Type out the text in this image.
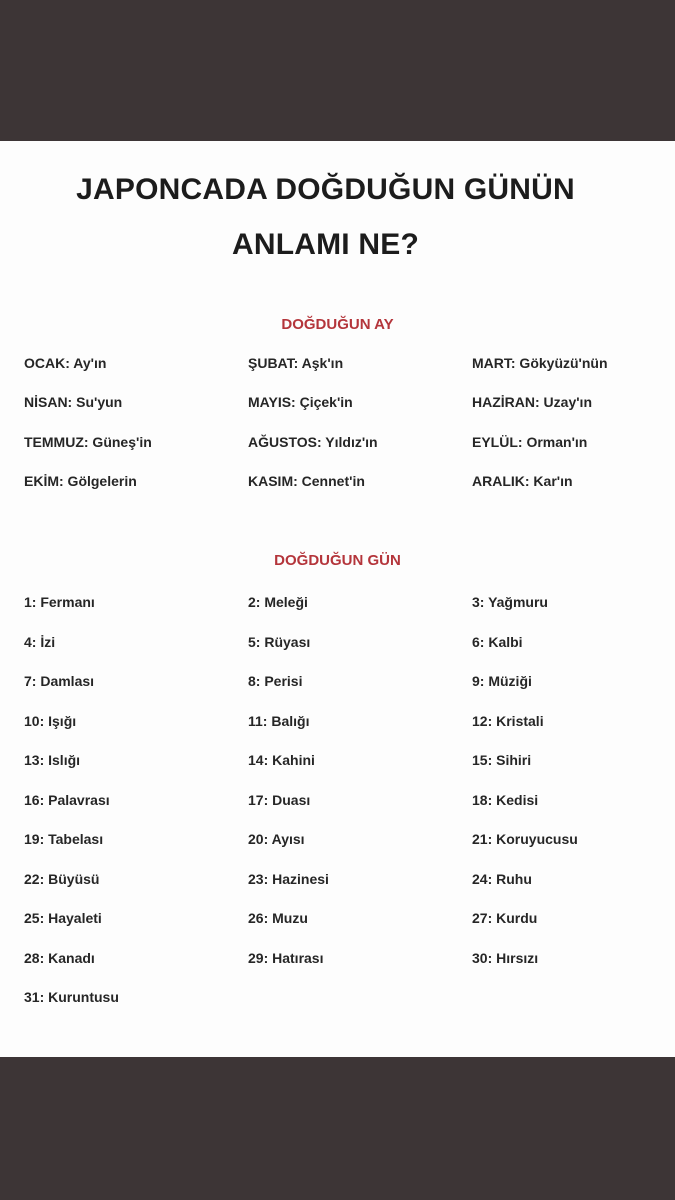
JAPONCADA DOĞDUĞUN GÜNÜN
ANLAMI NE?
DOĞDUĞUN AY
OCAK: Ay'ın	ŞUBAT: Aşk'ın	MART: Gökyüzü'nün
NİSAN: Su'yun	MAYIS: Çiçek'in	HAZİRAN: Uzay'ın
TEMMUZ: Güneş'in	AĞUSTOS: Yıldız'ın	EYLÜL: Orman'ın
EKİM: Gölgelerin	KASIM: Cennet'in	ARALIK: Kar'ın
DOĞDUĞUN GÜN
1: Fermanı	2: Meleği	3: Yağmuru
4: İzi	5: Rüyası	6: Kalbi
7: Damlası	8: Perisi	9: Müziği
10: Işığı	11: Balığı	12: Kristali
13: Islığı	14: Kahini	15: Sihiri
16: Palavrası	17: Duası	18: Kedisi
19: Tabelası	20: Ayısı	21: Koruyucusu
22: Büyüsü	23: Hazinesi	24: Ruhu
25: Hayaleti	26: Muzu	27: Kurdu
28: Kanadı	29: Hatırası	30: Hırsızı
31: Kuruntusu
